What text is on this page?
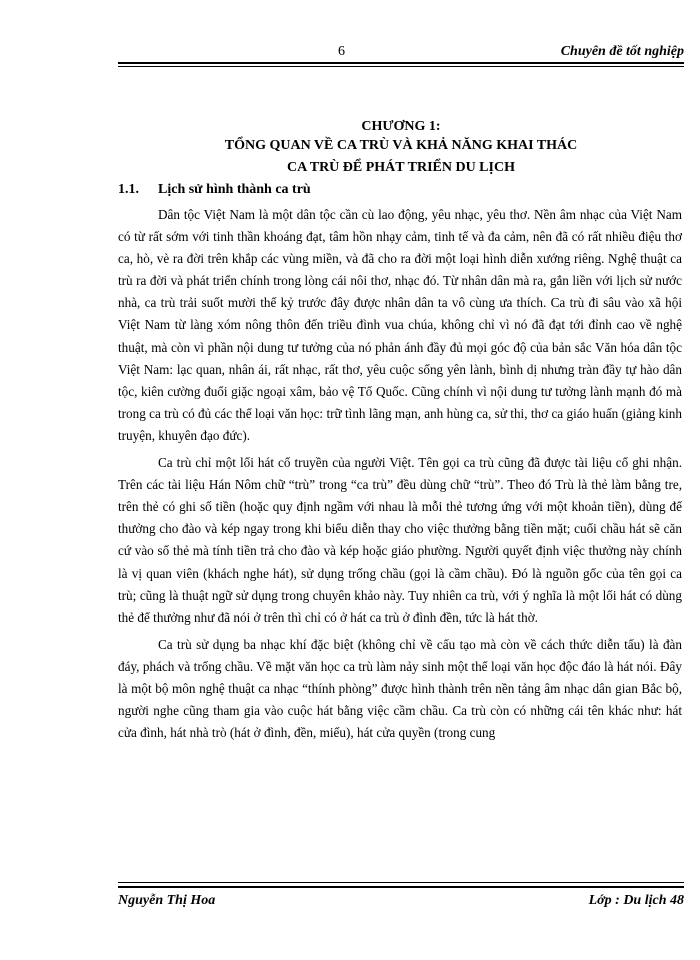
6	Chuyên đề tốt nghiệp
CHƯƠNG 1:
TỔNG QUAN VỀ CA TRÙ VÀ KHẢ NĂNG KHAI THÁC
CA TRÙ ĐỂ PHÁT TRIỂN DU LỊCH
1.1. Lịch sử hình thành ca trù

Dân tộc Việt Nam là một dân tộc cần cù lao động, yêu nhạc, yêu thơ. Nền âm nhạc của Việt Nam có từ rất sớm với tinh thần khoáng đạt, tâm hồn nhạy cảm, tinh tế và đa cảm, nên đã có rất nhiều điệu thơ ca, hò, vè ra đời trên khắp các vùng miền, và đã cho ra đời một loại hình diễn xướng riêng. Nghệ thuật ca trù ra đời và phát triển chính trong lòng cái nôi thơ, nhạc đó. Từ nhân dân mà ra, gắn liền với lịch sử nước nhà, ca trù trải suốt mười thế kỷ trước đây được nhân dân ta vô cùng ưa thích. Ca trù đi sâu vào xã hội Việt Nam từ làng xóm nông thôn đến triều đình vua chúa, không chỉ vì nó đã đạt tới đỉnh cao về nghệ thuật, mà còn vì phần nội dung tư tưởng của nó phản ánh đầy đủ mọi góc độ của bản sắc Văn hóa dân tộc Việt Nam: lạc quan, nhân ái, rất nhạc, rất thơ, yêu cuộc sống yên lành, bình dị nhưng tràn đầy tự hào dân tộc, kiên cường đuổi giặc ngoại xâm, bảo vệ Tổ Quốc. Cũng chính vì nội dung tư tưởng lành mạnh đó mà trong ca trù có đủ các thể loại văn học: trữ tình lãng mạn, anh hùng ca, sử thi, thơ ca giáo huấn (giảng kinh truyện, khuyên đạo đức).

Ca trù chỉ một lối hát cổ truyền của người Việt. Tên gọi ca trù cũng đã được tài liệu cổ ghi nhận. Trên các tài liệu Hán Nôm chữ “trù” trong “ca trù” đều dùng chữ “trù”. Theo đó Trù là thẻ làm bằng tre, trên thẻ có ghi số tiền (hoặc quy định ngầm với nhau là mỗi thẻ tương ứng với một khoản tiền), dùng để thưởng cho đào và kép ngay trong khi biểu diễn thay cho việc thưởng bằng tiền mặt; cuối chầu hát sẽ căn cứ vào số thẻ mà tính tiền trả cho đào và kép hoặc giáo phường. Người quyết định việc thưởng này chính là vị quan viên (khách nghe hát), sử dụng trống chầu (gọi là cầm chầu). Đó là nguồn gốc của tên gọi ca trù; cũng là thuật ngữ sử dụng trong chuyên khảo này. Tuy nhiên ca trù, với ý nghĩa là một lối hát có dùng thẻ để thưởng như đã nói ở trên thì chỉ có ở hát ca trù ở đình đền, tức là hát thờ.

Ca trù sử dụng ba nhạc khí đặc biệt (không chỉ về cấu tạo mà còn về cách thức diễn tấu) là đàn đáy, phách và trống chầu. Về mặt văn học ca trù làm nảy sinh một thể loại văn học độc đáo là hát nói. Đây là một bộ môn nghệ thuật ca nhạc “thính phòng” được hình thành trên nền tảng âm nhạc dân gian Bắc bộ, người nghe cũng tham gia vào cuộc hát bằng việc cầm chầu. Ca trù còn có những cái tên khác như: hát cửa đình, hát nhà trò (hát ở đình, đền, miếu), hát cửa quyền (trong cung

Nguyễn Thị Hoa	Lớp : Du lịch 48
